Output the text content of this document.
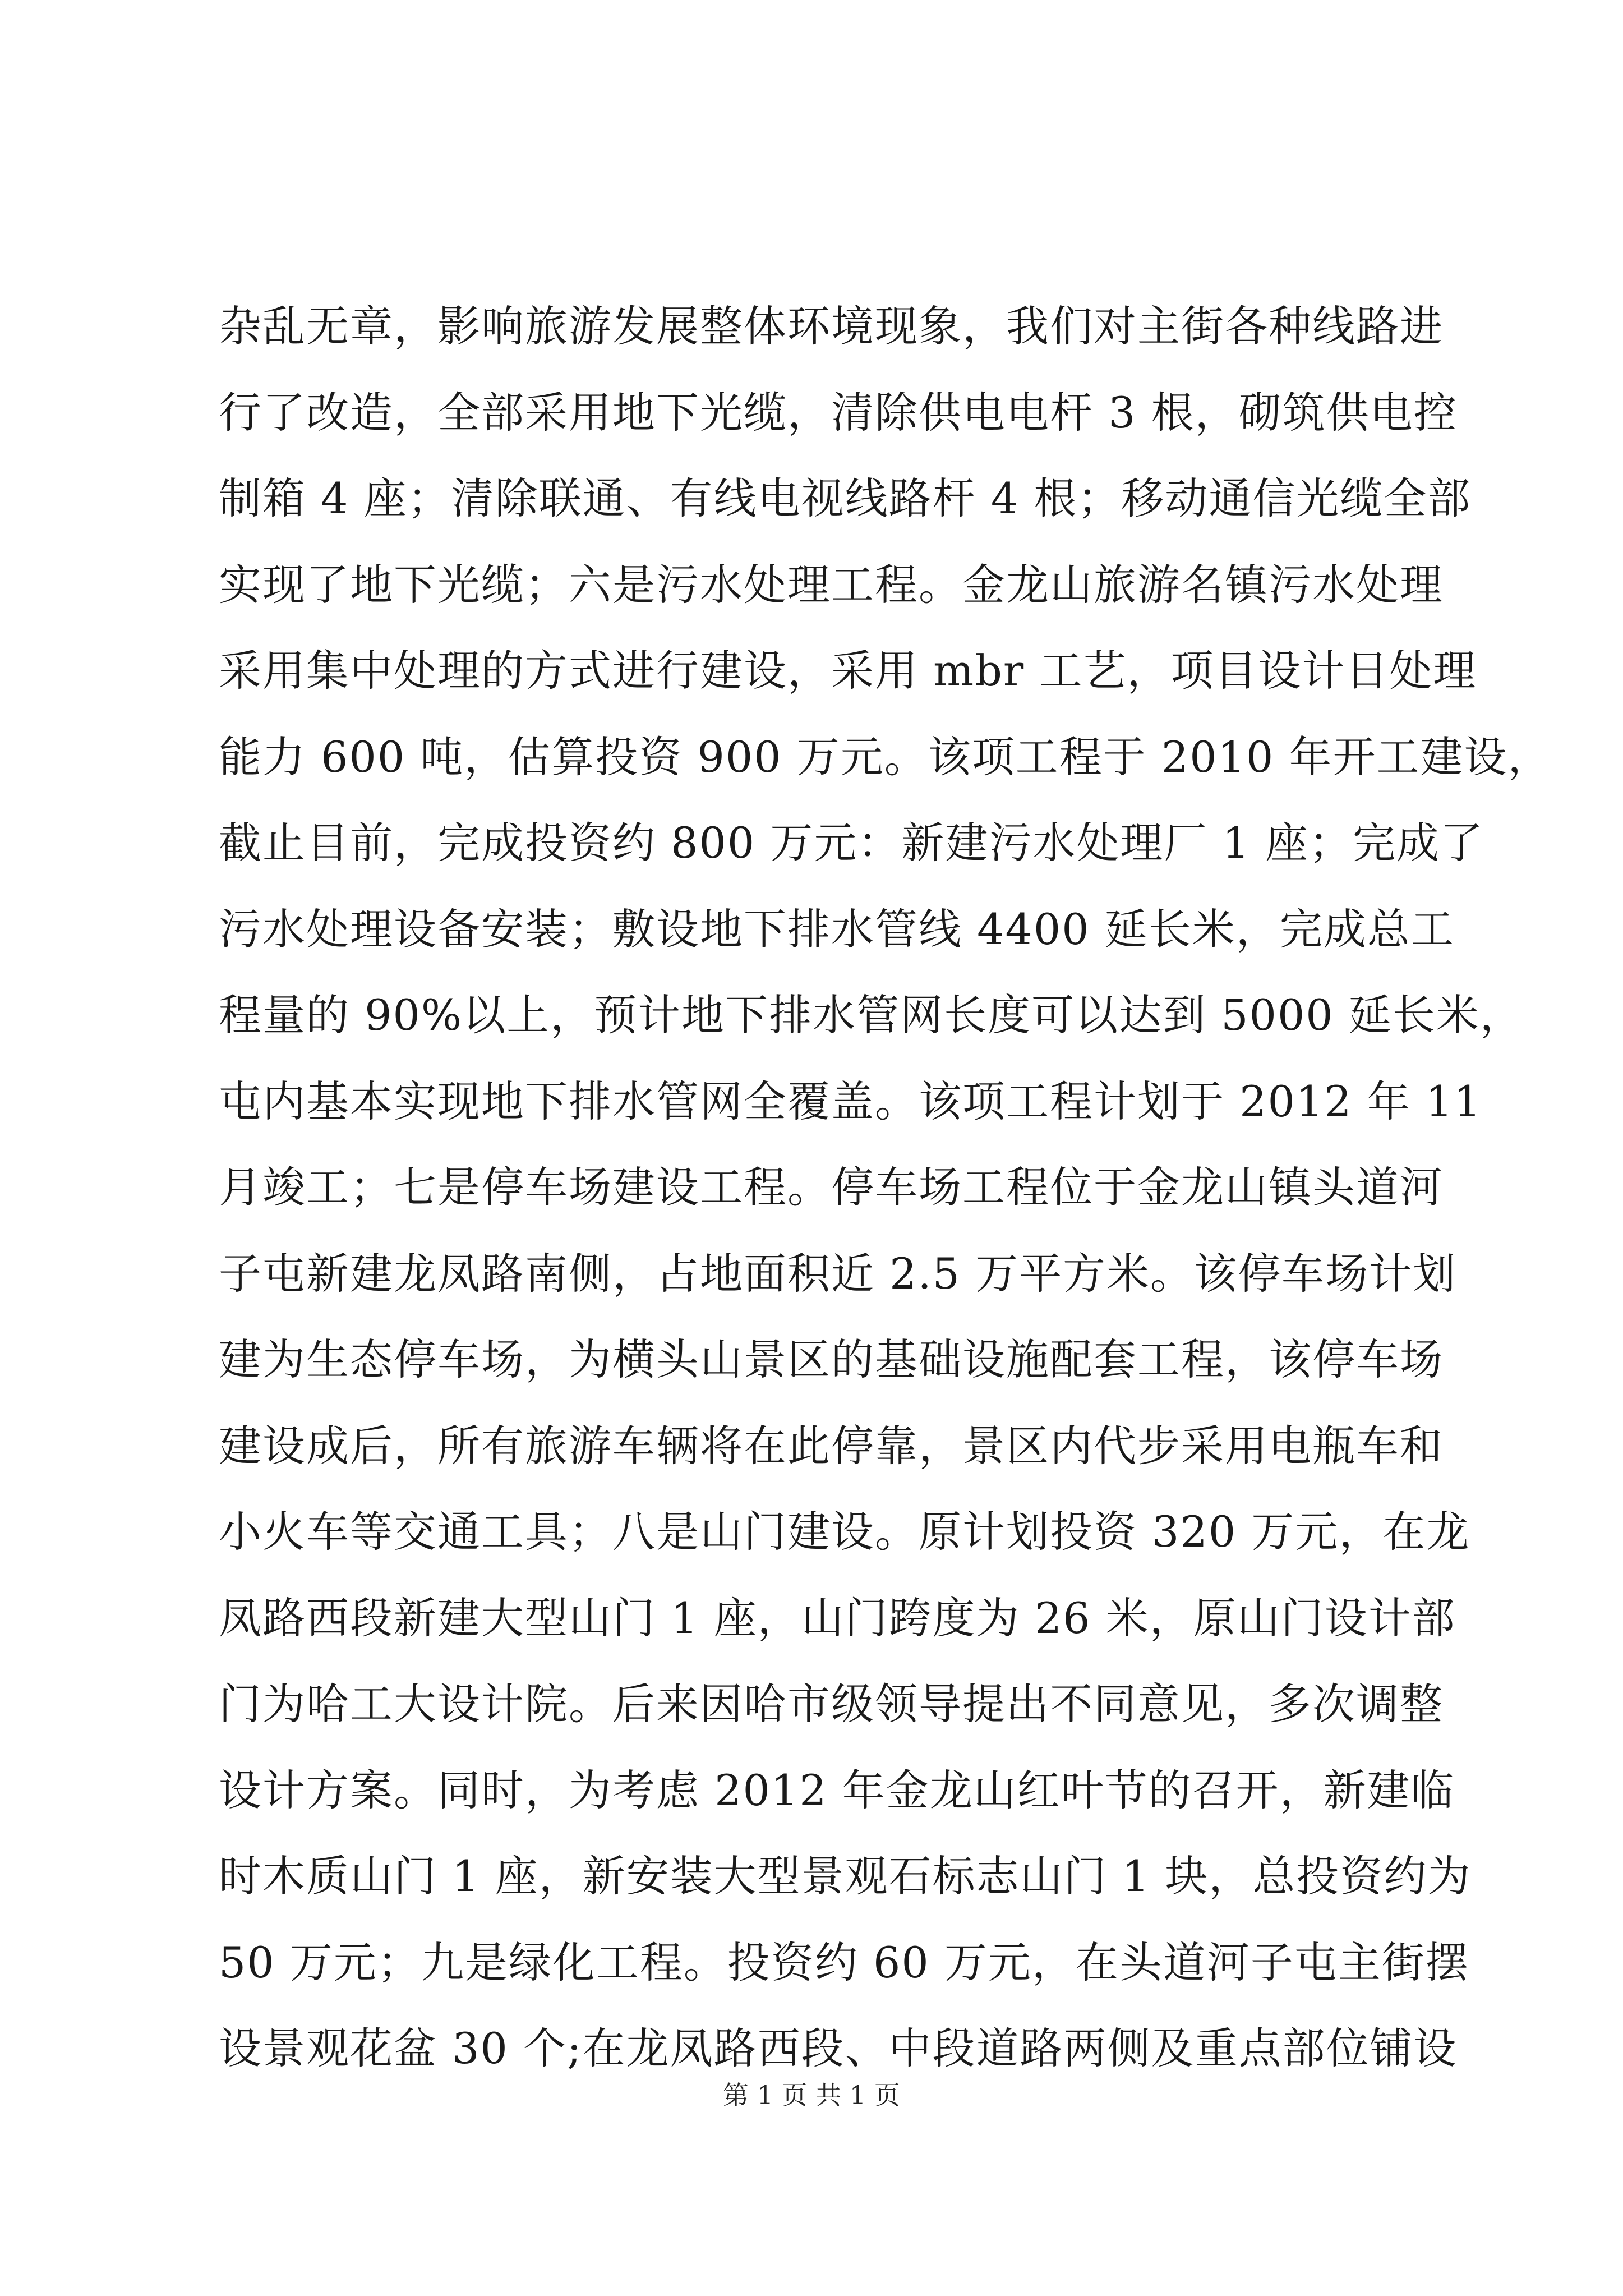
杂乱无章，影响旅游发展整体环境现象，我们对主街各种线路进
行了改造，全部采用地下光缆，清除供电电杆 3 根，砌筑供电控
制箱 4 座；清除联通、有线电视线路杆 4 根；移动通信光缆全部
实现了地下光缆；六是污水处理工程。金龙山旅游名镇污水处理
采用集中处理的方式进行建设，采用 mbr 工艺，项目设计日处理
能力 600 吨，估算投资 900 万元。该项工程于 2010 年开工建设，
截止目前，完成投资约 800 万元：新建污水处理厂 1 座；完成了
污水处理设备安装；敷设地下排水管线 4400 延长米，完成总工
程量的 90%以上，预计地下排水管网长度可以达到 5000 延长米，
屯内基本实现地下排水管网全覆盖。该项工程计划于 2012 年 11
月竣工；七是停车场建设工程。停车场工程位于金龙山镇头道河
子屯新建龙凤路南侧，占地面积近 2.5 万平方米。该停车场计划
建为生态停车场，为横头山景区的基础设施配套工程，该停车场
建设成后，所有旅游车辆将在此停靠，景区内代步采用电瓶车和
小火车等交通工具；八是山门建设。原计划投资 320 万元，在龙
凤路西段新建大型山门 1 座，山门跨度为 26 米，原山门设计部
门为哈工大设计院。后来因哈市级领导提出不同意见，多次调整
设计方案。同时，为考虑 2012 年金龙山红叶节的召开，新建临
时木质山门 1 座，新安装大型景观石标志山门 1 块，总投资约为
50 万元；九是绿化工程。投资约 60 万元，在头道河子屯主街摆
设景观花盆 30 个;在龙凤路西段、中段道路两侧及重点部位铺设
第 1 页 共 1 页
